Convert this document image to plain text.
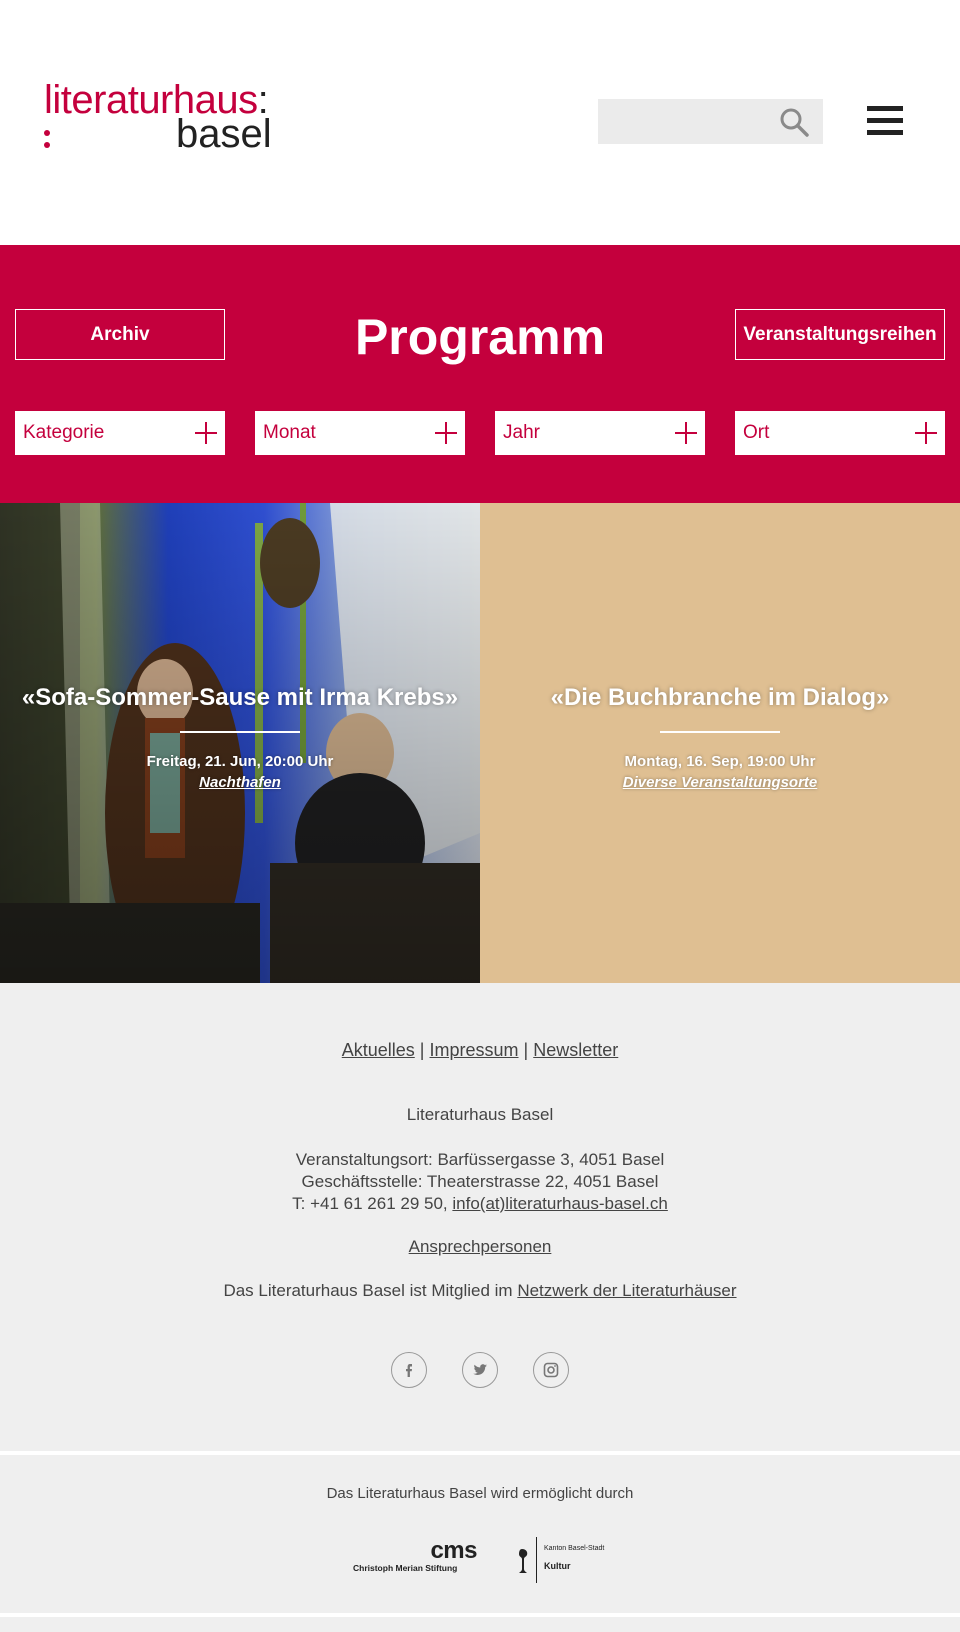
literaturhaus:
basel
Archiv	Programm	Veranstaltungsreihen
Kategorie	Monat	Jahr	Ort
«Sofa-Sommer-Sause mit Irma Krebs»
Freitag, 21. Jun, 20:00 Uhr
Nachthafen
«Die Buchbranche im Dialog»
Montag, 16. Sep, 19:00 Uhr
Diverse Veranstaltungsorte
Aktuelles | Impressum | Newsletter
Literaturhaus Basel
Veranstaltungsort: Barfüssergasse 3, 4051 Basel
Geschäftsstelle: Theaterstrasse 22, 4051 Basel
T: +41 61 261 29 50, info(at)literaturhaus-basel.ch
Ansprechpersonen
Das Literaturhaus Basel ist Mitglied im Netzwerk der Literaturhäuser
Das Literaturhaus Basel wird ermöglicht durch
cms
Christoph Merian Stiftung
Kanton Basel-Stadt
Kultur
